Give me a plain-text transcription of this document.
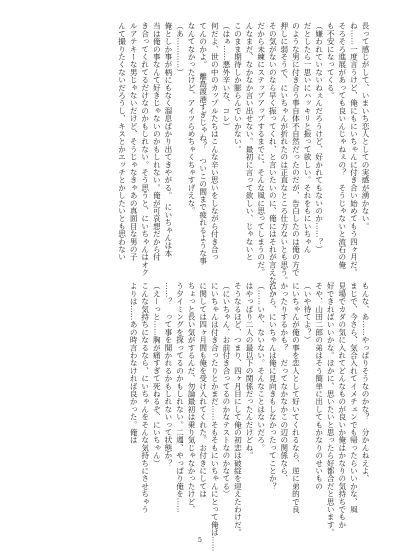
長って感じがして、いまいち恋人としての実感が湧かない。
ね……一度言うけど、俺にもにいちゃんに付き合い始めてもう四ヶ月だ。
そろそろ進展があっても良いんじゃねぇの？　そうじゃないと流石の俺
も不安になってくる。
（嫌われていないねぇんだろうけど、好かれてもないのか……？）
だとしたら一思いにハッキリと振って欲しい。それをもにいちゃん
のような男に付き合う事自体不自然だったのだが、告白したのは俺の方で
押しに弱そうで、にいちゃんが折れたのは正直なところ仕方ないとも思う。
その気がないのなら早く振ってくれ、と言いたいのに、俺にはそれが言えない。
だから未練にステップアップするまでに、そんな風に思ってしまうのだ。
んなまだ、なかなか言い出せない。最初に言って欲しい、じゃないと
このまま期待しか膨らんでいかない。
（はぁ……悪外辛いな、コレ）
何だよ、世の中のカップルたちはこんな辛い思いをしながら付き合っ
てんのかよ。　離島渡港すぎじゃね？　ついこの間まで疲れるような事
なんてなかったけど、アイツらめちゃくちゃすげえな。
（あ…………）
俺としか事が柄にもなく溜息ばかり出てきやがる。　にいちゃんは本
当は俺の事なんて好きじゃないのかもしれない。俺が可哀想だから付
き合ってくれてるだけなのかもしれない。そう思うと、にいちゃんはオク
ルアテキーな男じゃないだけど、そうじゃなきゃあの真面目な男の子
んて撮りたくないだろうし、キスとかエッチとかしたいとも思わない

もんな、あ……やっぱりそうなのかな？　分かんねえよ、
まじで、今さら、気合入れてイメチェンでも帰ったらいいかな、風
見場でカダの気に入れてどんなものが良いか俺はかなりの気持ちでもか
好できればいいかな。ほかに、思いたいと思ったら好都合だと思います。
そや、山田二郎の弟はそう簡単に出してもかなりのせいもの
（いや待てよ？）
にいちゃんが俺の事を恋人として好いてくれるなら、逆に弟的で良
かったりするかも？　だってなかなかこの辺の関係なら、
だから、にいちゃんは俺に見向きもしなかったってことか？
（……いや、ないない。そんなことはないだろ。
はやっぱり二人の最以下の関係だったんだけどね。
そうなるほど、つまり、四ヶ月目にして俺の初恋は破綻を迎えたわけだ。
（にいちゃん、お前付き合ってるのかなテストなのかなてる）
にいちゃんは付き合ったりとかまだ……そもそもにいちゃんにとって俺は……
に関しては四ヶ月間も俺を受け入れてくれた。お付きにしては
ちょっと長い気がするんだ、勿論最初は乗り気じゃなかったけど、
う夕イミングを探ってるのかもしれない。二週、やっぱり俺を……
……？　って事を聞かれるかもしれないって状態か？
（えーっと……胸が痛すぎて死ねるぞ、にいちゃん）
こんな気持ちになるなら、にいちゃんをそんな気持ちにさせちゃう
よりは……あの時言わなければ良かった。俺は

5
